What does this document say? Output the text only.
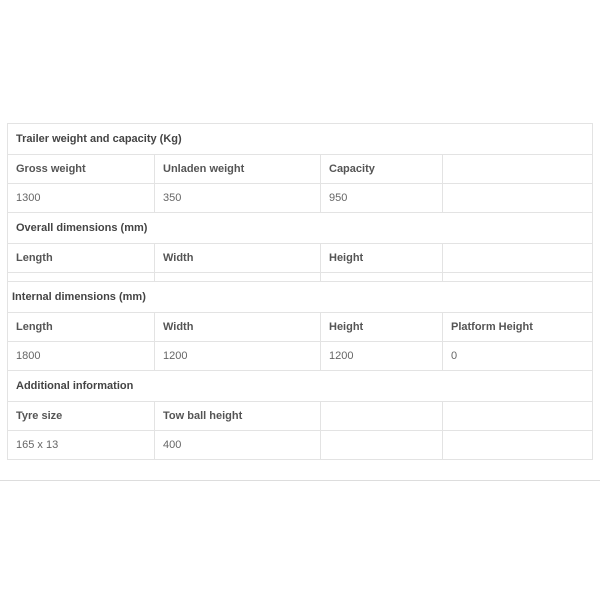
Trailer weight and capacity (Kg)			
Gross weight	Unladen weight	Capacity	
1300	350	950	
Overall dimensions (mm)			
Length	Width	Height	

Internal dimensions (mm)			
Length	Width	Height	Platform Height
1800	1200	1200	0
Additional information			
Tyre size	Tow ball height		
165 x 13	400		
